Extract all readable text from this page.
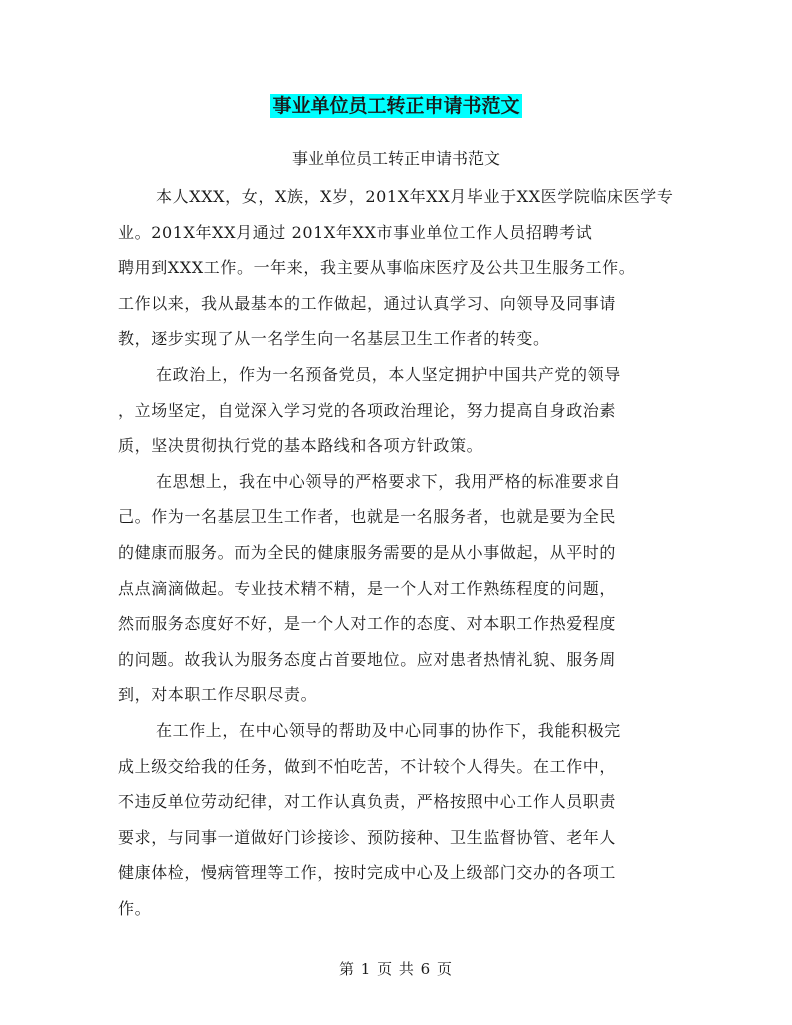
事业单位员工转正申请书范文
事业单位员工转正申请书范文
本人XXX，女，X族，X岁，201X年XX月毕业于XX医学院临床医学专
业。201X年XX月通过 201X年XX市事业单位工作人员招聘考试
聘用到XXX工作。一年来，我主要从事临床医疗及公共卫生服务工作。
工作以来，我从最基本的工作做起，通过认真学习、向领导及同事请
教，逐步实现了从一名学生向一名基层卫生工作者的转变。
在政治上，作为一名预备党员，本人坚定拥护中国共产党的领导
，立场坚定，自觉深入学习党的各项政治理论，努力提高自身政治素
质，坚决贯彻执行党的基本路线和各项方针政策。
在思想上，我在中心领导的严格要求下，我用严格的标准要求自
己。作为一名基层卫生工作者，也就是一名服务者，也就是要为全民
的健康而服务。而为全民的健康服务需要的是从小事做起，从平时的
点点滴滴做起。专业技术精不精，是一个人对工作熟练程度的问题，
然而服务态度好不好，是一个人对工作的态度、对本职工作热爱程度
的问题。故我认为服务态度占首要地位。应对患者热情礼貌、服务周
到，对本职工作尽职尽责。
在工作上，在中心领导的帮助及中心同事的协作下，我能积极完
成上级交给我的任务，做到不怕吃苦，不计较个人得失。在工作中，
不违反单位劳动纪律，对工作认真负责，严格按照中心工作人员职责
要求，与同事一道做好门诊接诊、预防接种、卫生监督协管、老年人
健康体检，慢病管理等工作，按时完成中心及上级部门交办的各项工
作。
第 1 页 共 6 页
